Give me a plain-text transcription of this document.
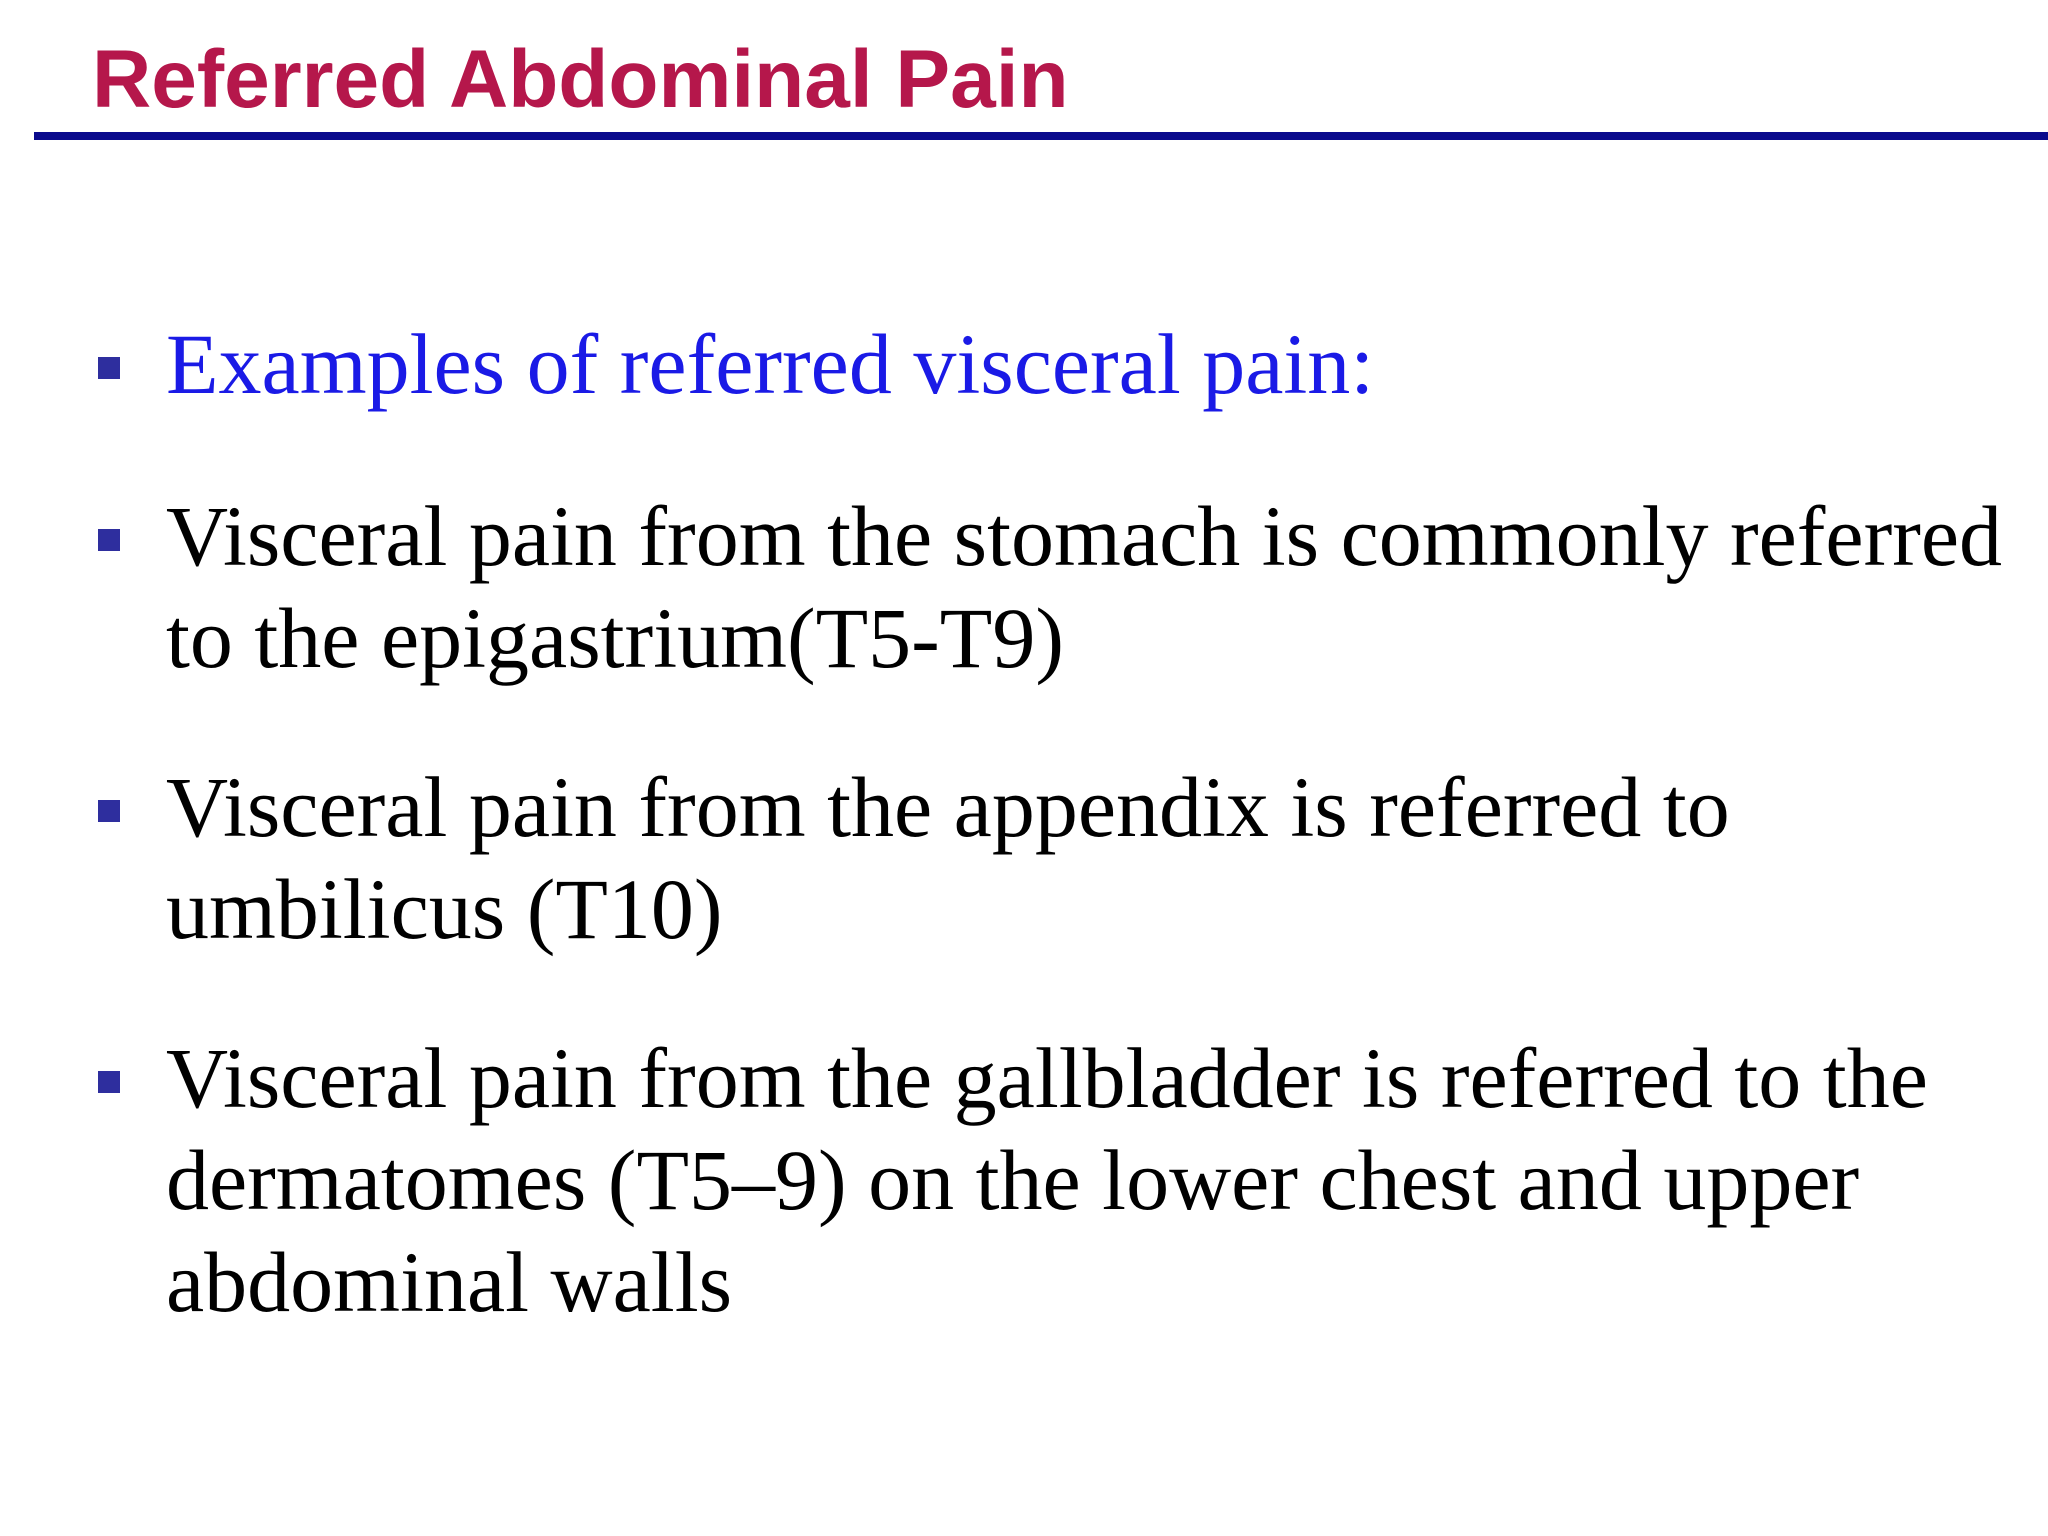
Referred Abdominal Pain
Examples of referred visceral pain:
Visceral pain from the stomach is commonly referred to the epigastrium(T5-T9)
Visceral pain from the appendix is referred to umbilicus (T10)
Visceral pain from the gallbladder is referred to the dermatomes (T5–9) on the lower chest and upper abdominal walls
